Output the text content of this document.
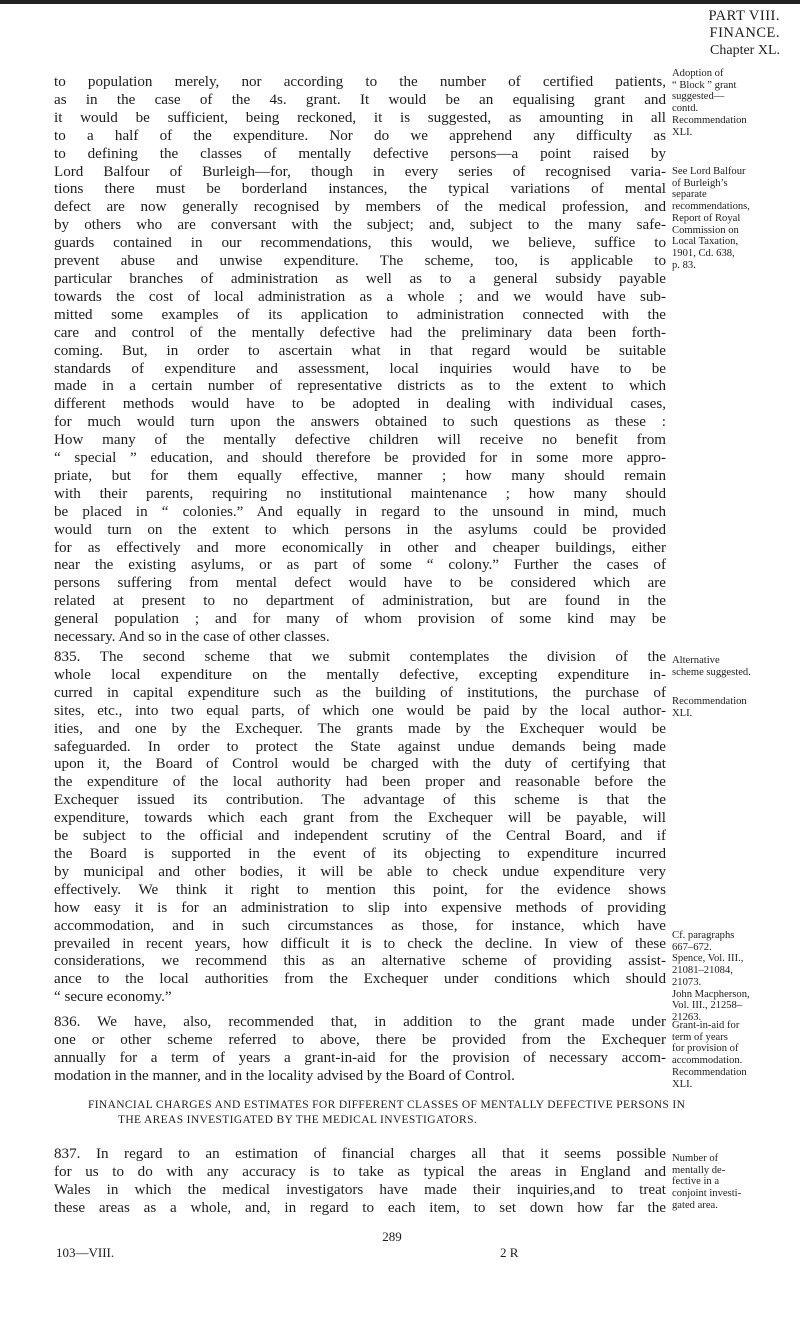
PART VIII.
FINANCE.
Chapter XL.
to population merely, nor according to the number of certified patients,
as in the case of the 4s. grant. It would be an equalising grant and
it would be sufficient, being reckoned, it is suggested, as amounting in all
to a half of the expenditure. Nor do we apprehend any difficulty as
to defining the classes of mentally defective persons—a point raised by
Lord Balfour of Burleigh—for, though in every series of recognised varia-
tions there must be borderland instances, the typical variations of mental
defect are now generally recognised by members of the medical profession, and
by others who are conversant with the subject; and, subject to the many safe-
guards contained in our recommendations, this would, we believe, suffice to
prevent abuse and unwise expenditure. The scheme, too, is applicable to
particular branches of administration as well as to a general subsidy payable
towards the cost of local administration as a whole ; and we would have sub-
mitted some examples of its application to administration connected with the
care and control of the mentally defective had the preliminary data been forth-
coming. But, in order to ascertain what in that regard would be suitable
standards of expenditure and assessment, local inquiries would have to be
made in a certain number of representative districts as to the extent to which
different methods would have to be adopted in dealing with individual cases,
for much would turn upon the answers obtained to such questions as these :
How many of the mentally defective children will receive no benefit from
“ special ” education, and should therefore be provided for in some more appro-
priate, but for them equally effective, manner ; how many should remain
with their parents, requiring no institutional maintenance ; how many should
be placed in “ colonies.” And equally in regard to the unsound in mind, much
would turn on the extent to which persons in the asylums could be provided
for as effectively and more economically in other and cheaper buildings, either
near the existing asylums, or as part of some “ colony.” Further the cases of
persons suffering from mental defect would have to be considered which are
related at present to no department of administration, but are found in the
general population ; and for many of whom provision of some kind may be
necessary. And so in the case of other classes.
835. The second scheme that we submit contemplates the division of the
whole local expenditure on the mentally defective, excepting expenditure in-
curred in capital expenditure such as the building of institutions, the purchase of
sites, etc., into two equal parts, of which one would be paid by the local author-
ities, and one by the Exchequer. The grants made by the Exchequer would be
safeguarded. In order to protect the State against undue demands being made
upon it, the Board of Control would be charged with the duty of certifying that
the expenditure of the local authority had been proper and reasonable before the
Exchequer issued its contribution. The advantage of this scheme is that the
expenditure, towards which each grant from the Exchequer will be payable, will
be subject to the official and independent scrutiny of the Central Board, and if
the Board is supported in the event of its objecting to expenditure incurred
by municipal and other bodies, it will be able to check undue expenditure very
effectively. We think it right to mention this point, for the evidence shows
how easy it is for an administration to slip into expensive methods of providing
accommodation, and in such circumstances as those, for instance, which have
prevailed in recent years, how difficult it is to check the decline. In view of these
considerations, we recommend this as an alternative scheme of providing assist-
ance to the local authorities from the Exchequer under conditions which should
“ secure economy.”
836. We have, also, recommended that, in addition to the grant made under
one or other scheme referred to above, there be provided from the Exchequer
annually for a term of years a grant-in-aid for the provision of necessary accom-
modation in the manner, and in the locality advised by the Board of Control.
FINANCIAL CHARGES AND ESTIMATES FOR DIFFERENT CLASSES OF MENTALLY DEFECTIVE PERSONS IN THE AREAS INVESTIGATED BY THE MEDICAL INVESTIGATORS.
837. In regard to an estimation of financial charges all that it seems possible
for us to do with any accuracy is to take as typical the areas in England and
Wales in which the medical investigators have made their inquiries,and to treat
these areas as a whole, and, in regard to each item, to set down how far the
Adoption of
“ Block ” grant
suggested—
contd.
Recommendation
XLI.
See Lord Balfour
of Burleigh’s
separate
recommendations,
Report of Royal
Commission on
Local Taxation,
1901, Cd. 638,
p. 83.
Alternative
scheme suggested.
Recommendation
XLI.
Cf. paragraphs
667–672.
Spence, Vol. III.,
21081–21084,
21073.
John Macpherson,
Vol. III., 21258–
21263.
Grant-in-aid for
term of years
for provision of
accommodation.
Recommendation
XLI.
Number of
mentally de-
fective in a
conjoint investi-
gated area.
289
103—VIII.	2 R
